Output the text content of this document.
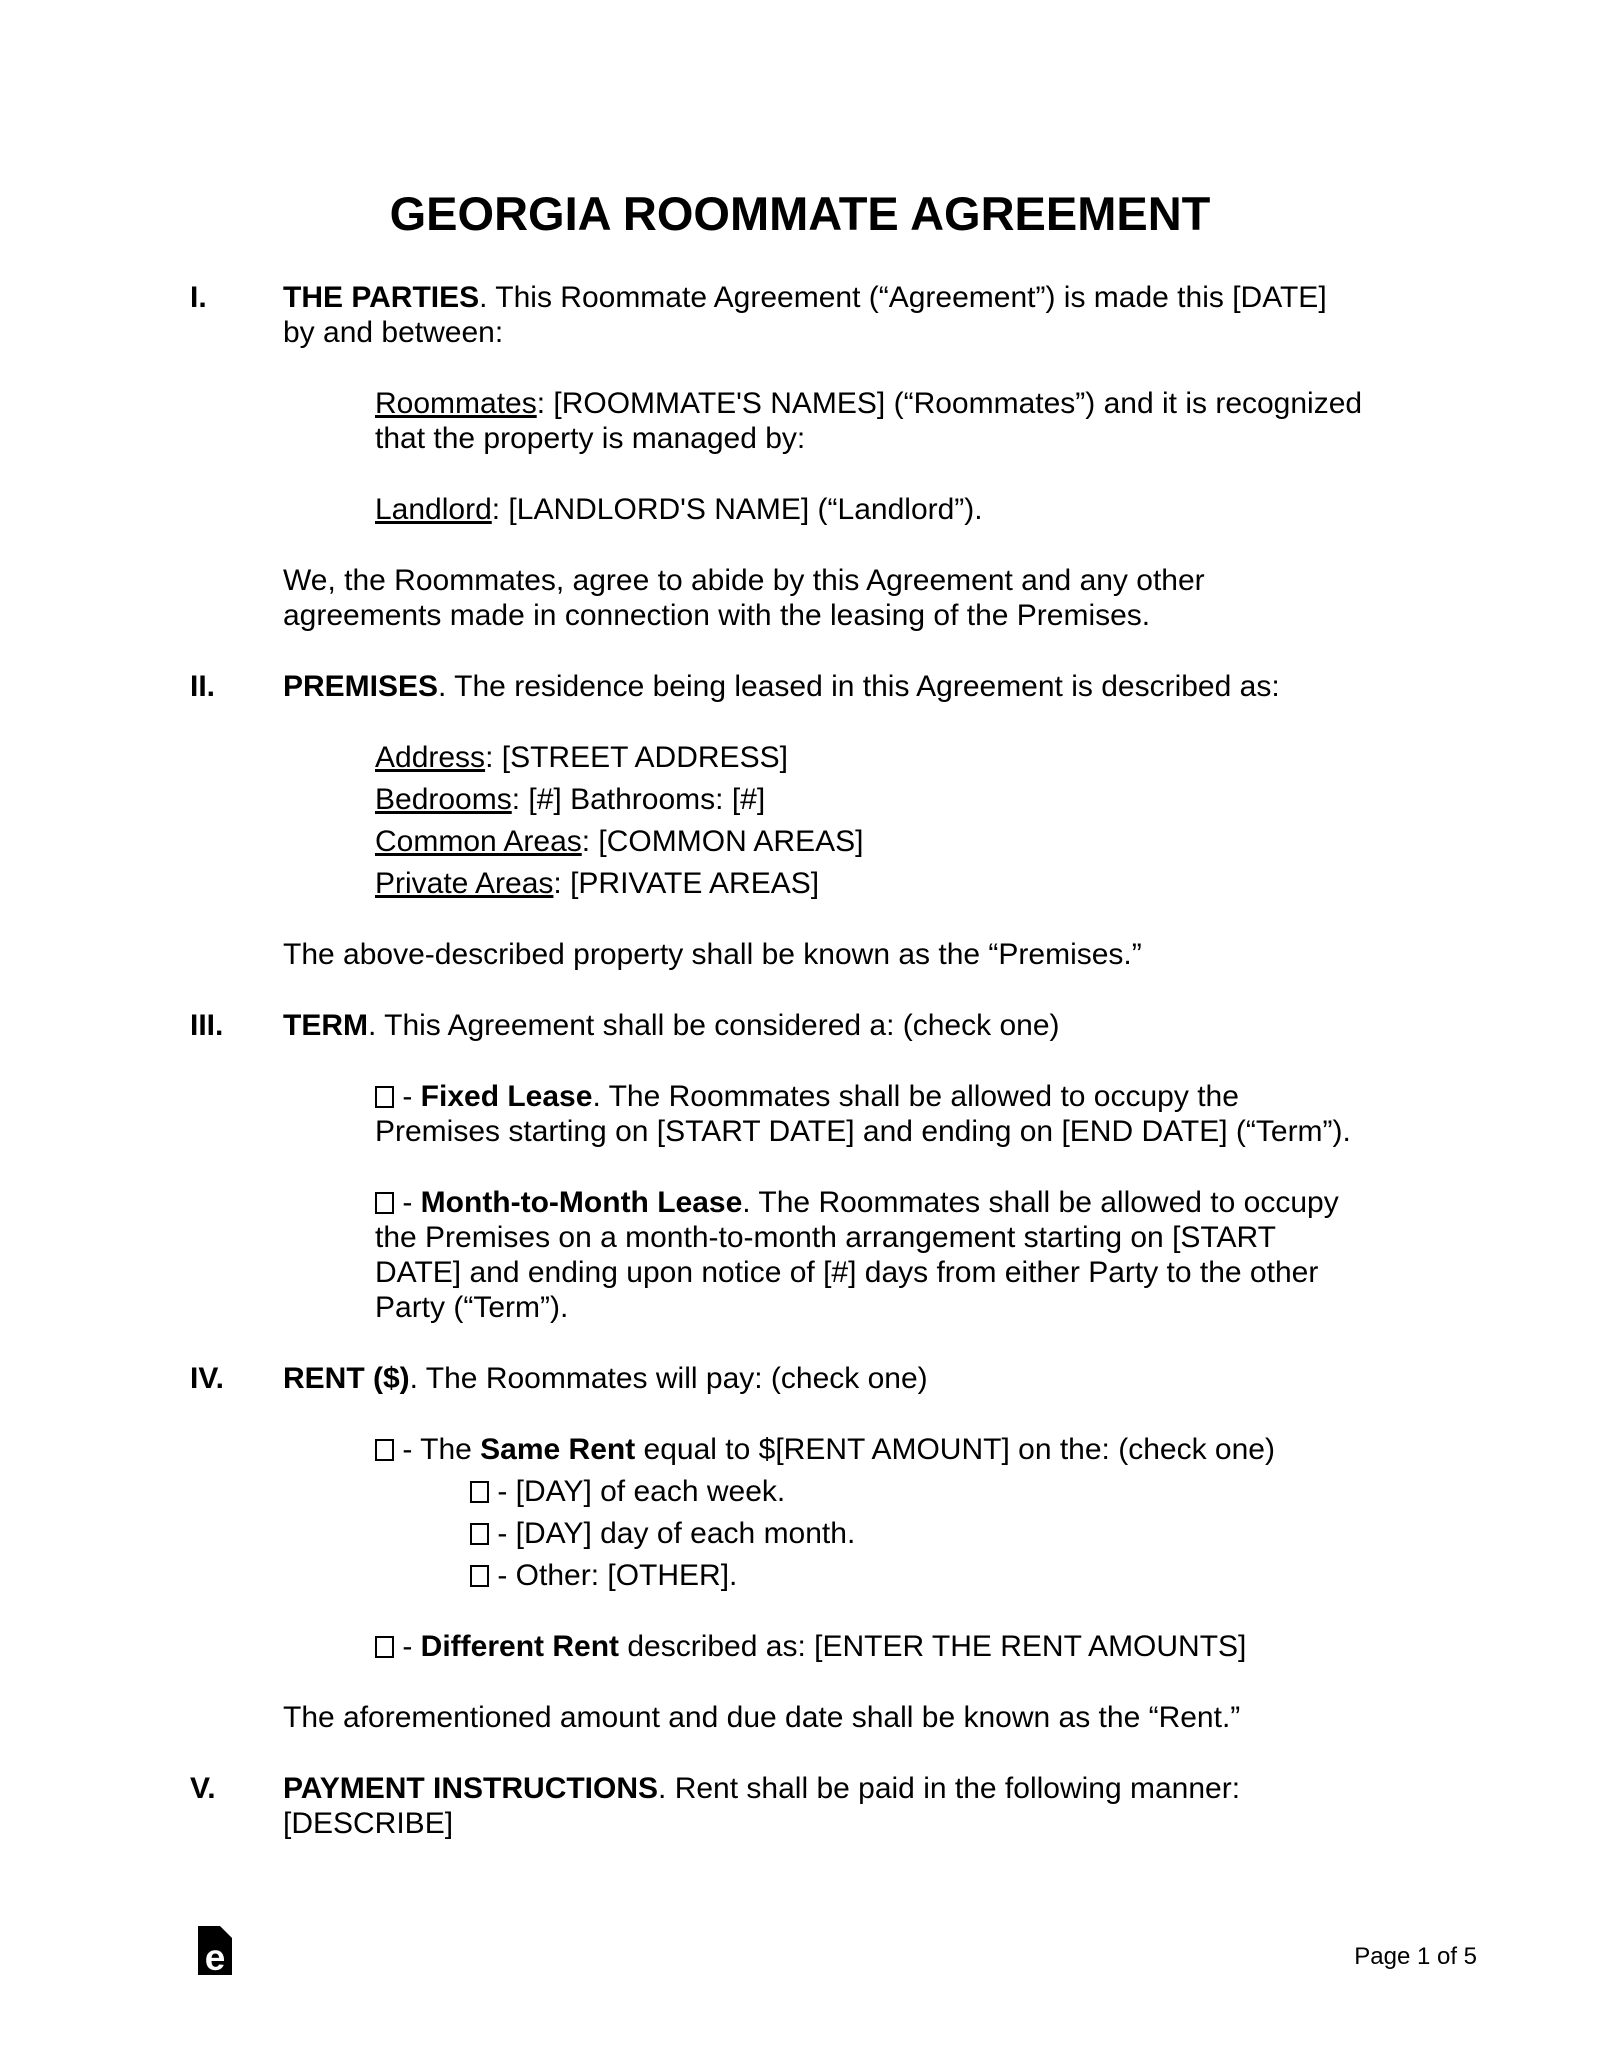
GEORGIA ROOMMATE AGREEMENT
I.	THE PARTIES. This Roommate Agreement (“Agreement”) is made this [DATE]

by and between:

Roommates: [ROOMMATE'S NAMES] (“Roommates”) and it is recognized

that the property is managed by:

Landlord: [LANDLORD'S NAME] (“Landlord”).

We, the Roommates, agree to abide by this Agreement and any other

agreements made in connection with the leasing of the Premises.

II.	PREMISES. The residence being leased in this Agreement is described as:

Address: [STREET ADDRESS]

Bedrooms: [#] Bathrooms: [#]

Common Areas: [COMMON AREAS]

Private Areas: [PRIVATE AREAS]

The above-described property shall be known as the “Premises.”

III.	TERM. This Agreement shall be considered a: (check one)

- Fixed Lease. The Roommates shall be allowed to occupy the

Premises starting on [START DATE] and ending on [END DATE] (“Term”).

- Month-to-Month Lease. The Roommates shall be allowed to occupy

the Premises on a month-to-month arrangement starting on [START

DATE] and ending upon notice of [#] days from either Party to the other

Party (“Term”).

IV.	RENT ($). The Roommates will pay: (check one)

- The Same Rent equal to $[RENT AMOUNT] on the: (check one)

- [DAY] of each week.

- [DAY] day of each month.

- Other: [OTHER].

- Different Rent described as: [ENTER THE RENT AMOUNTS]

The aforementioned amount and due date shall be known as the “Rent.”

V.	PAYMENT INSTRUCTIONS. Rent shall be paid in the following manner:

[DESCRIBE]

e	Page 1 of 5
